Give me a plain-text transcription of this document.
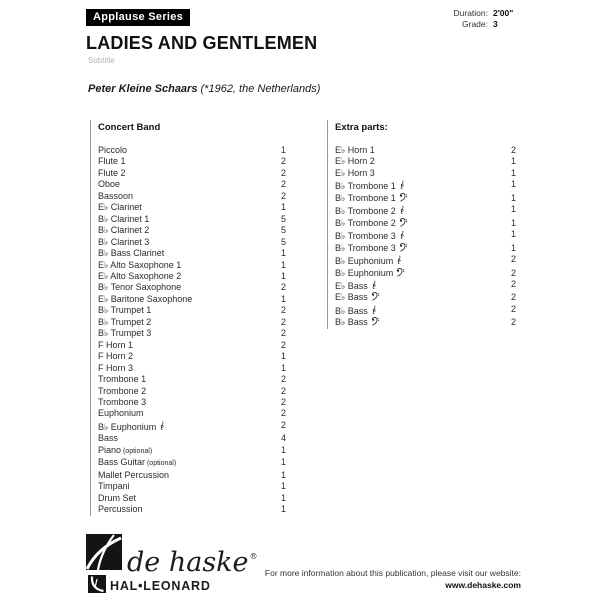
Applause Series	Duration: 2'00"
Grade: 3
LADIES AND GENTLEMEN
Subtitle
Peter Kleine Schaars (*1962, the Netherlands)
Concert Band
Piccolo	1
Flute 1	2
Flute 2	2
Oboe	2
Bassoon	2
E♭ Clarinet	1
B♭ Clarinet 1	5
B♭ Clarinet 2	5
B♭ Clarinet 3	5
B♭ Bass Clarinet	1
E♭ Alto Saxophone 1	1
E♭ Alto Saxophone 2	1
B♭ Tenor Saxophone	2
E♭ Baritone Saxophone	1
B♭ Trumpet 1	2
B♭ Trumpet 2	2
B♭ Trumpet 3	2
F Horn 1	2
F Horn 2	1
F Horn 3	1
Trombone 1	2
Trombone 2	2
Trombone 3	2
Euphonium	2
B♭ Euphonium	2
Bass	4
Piano (optional)	1
Bass Guitar (optional)	1
Mallet Percussion	1
Timpani	1
Drum Set	1
Percussion	1
Extra parts:
E♭ Horn 1	2
E♭ Horn 2	1
E♭ Horn 3	1
B♭ Trombone 1	1
B♭ Trombone 1	1
B♭ Trombone 2	1
B♭ Trombone 2	1
B♭ Trombone 3	1
B♭ Trombone 3	1
B♭ Euphonium	2
B♭ Euphonium	2
E♭ Bass	2
E♭ Bass	2
B♭ Bass	2
B♭ Bass	2
de haske®
HAL•LEONARD
For more information about this publication, please visit our website:
www.dehaske.com
